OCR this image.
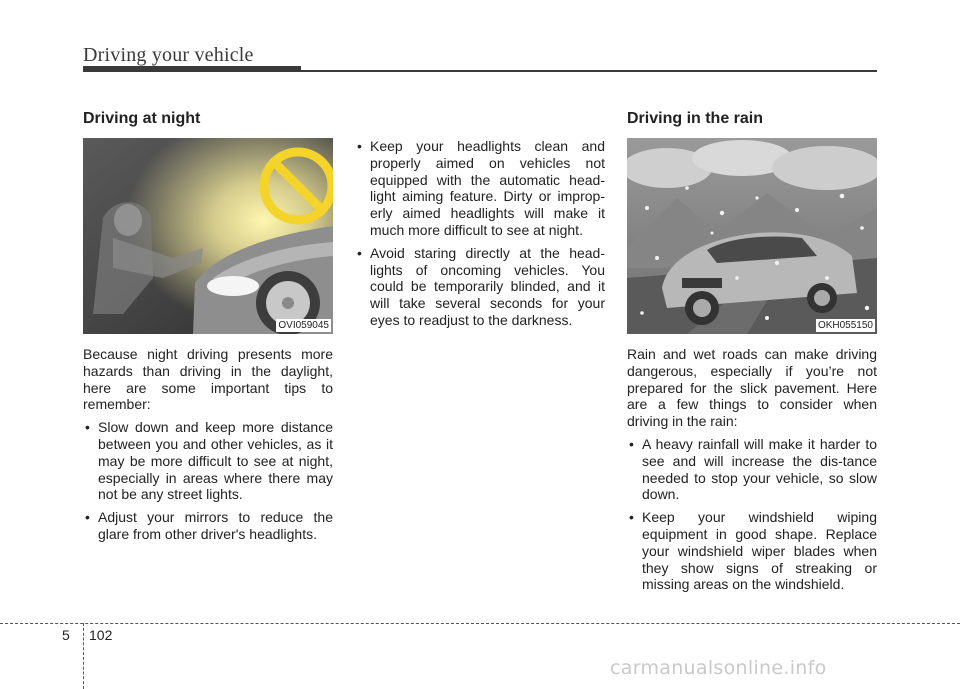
Driving your vehicle
Driving at night
OVI059045

Because night driving presents more hazards than driving in the daylight, here are some important tips to remember:

• Slow down and keep more distance between you and other vehicles, as it may be more difficult to see at night, especially in areas where there may not be any street lights.
• Adjust your mirrors to reduce the glare from other driver's headlights.
• Keep your headlights clean and properly aimed on vehicles not equipped with the automatic head-light aiming feature. Dirty or improp-erly aimed headlights will make it much more difficult to see at night.
• Avoid staring directly at the head-lights of oncoming vehicles. You could be temporarily blinded, and it will take several seconds for your eyes to readjust to the darkness.
Driving in the rain
OKH055150

Rain and wet roads can make driving dangerous, especially if you’re not prepared for the slick pavement. Here are a few things to consider when driving in the rain:

• A heavy rainfall will make it harder to see and will increase the dis-tance needed to stop your vehicle, so slow down.
• Keep your windshield wiping equipment in good shape. Replace your windshield wiper blades when they show signs of streaking or missing areas on the windshield.
5 102
carmanualsonline.info
